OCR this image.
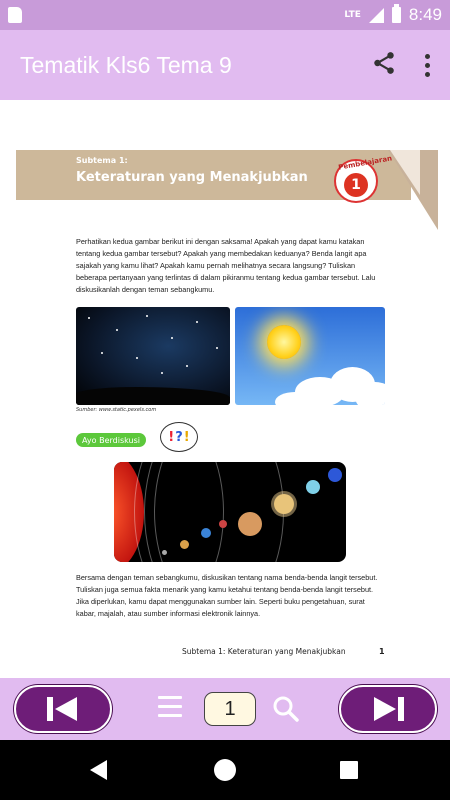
LTE	8:49
Tematik Kls6 Tema 9
Subtema 1:
Keteraturan yang Menakjubkan
Pembelajaran
1
Perhatikan kedua gambar berikut ini dengan saksama! Apakah yang dapat kamu katakan tentang kedua gambar tersebut? Apakah yang membedakan keduanya? Benda langit apa sajakah yang kamu lihat? Apakah kamu pernah melihatnya secara langsung? Tuliskan beberapa pertanyaan yang terlintas di dalam pikiranmu tentang kedua gambar tersebut. Lalu diskusikanlah dengan teman sebangkumu.
Sumber: www.static.pexels.com
Ayo Berdiskusi	! ? !
Bersama dengan teman sebangkumu, diskusikan tentang nama benda-benda langit tersebut. Tuliskan juga semua fakta menarik yang kamu ketahui tentang benda-benda langit tersebut. Jika diperlukan, kamu dapat menggunakan sumber lain. Seperti buku pengetahuan, surat kabar, majalah, atau sumber informasi elektronik lainnya.
Subtema 1: Keteraturan yang Menakjubkan	1
1
